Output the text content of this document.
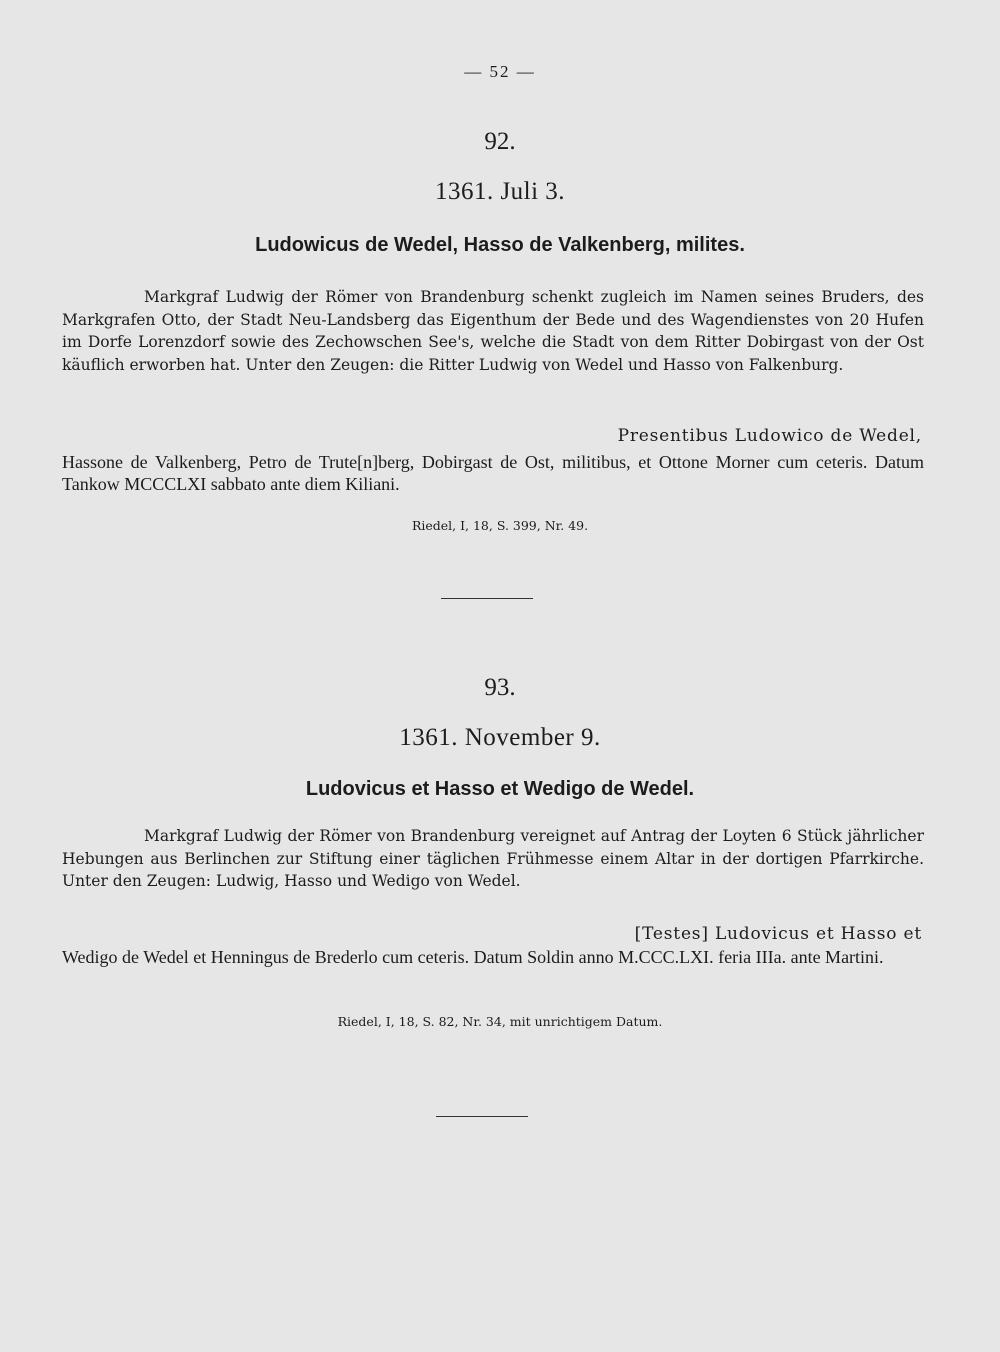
— 52 —
92.
1361. Juli 3.
Ludowicus de Wedel, Hasso de Valkenberg, milites.
Markgraf Ludwig der Römer von Brandenburg schenkt zugleich im Namen seines Bruders, des Markgrafen Otto, der Stadt Neu-Landsberg das Eigenthum der Bede und des Wagendienstes von 20 Hufen im Dorfe Lorenzdorf sowie des Zechowschen See's, welche die Stadt von dem Ritter Dobirgast von der Ost käuflich erworben hat. Unter den Zeugen: die Ritter Ludwig von Wedel und Hasso von Falkenburg.
Presentibus Ludowico de Wedel,
Hassone de Valkenberg, Petro de Trute[n]berg, Dobirgast de Ost, militibus, et Ottone Morner cum ceteris. Datum Tankow MCCCLXI sabbato ante diem Kiliani.
Riedel, I, 18, S. 399, Nr. 49.
93.
1361. November 9.
Ludovicus et Hasso et Wedigo de Wedel.
Markgraf Ludwig der Römer von Brandenburg vereignet auf Antrag der Loyten 6 Stück jährlicher Hebungen aus Berlinchen zur Stiftung einer täglichen Frühmesse einem Altar in der dortigen Pfarrkirche. Unter den Zeugen: Ludwig, Hasso und Wedigo von Wedel.
[Testes] Ludovicus et Hasso et
Wedigo de Wedel et Henningus de Brederlo cum ceteris. Datum Soldin anno M.CCC.LXI. feria IIIa. ante Martini.
Riedel, I, 18, S. 82, Nr. 34, mit unrichtigem Datum.
